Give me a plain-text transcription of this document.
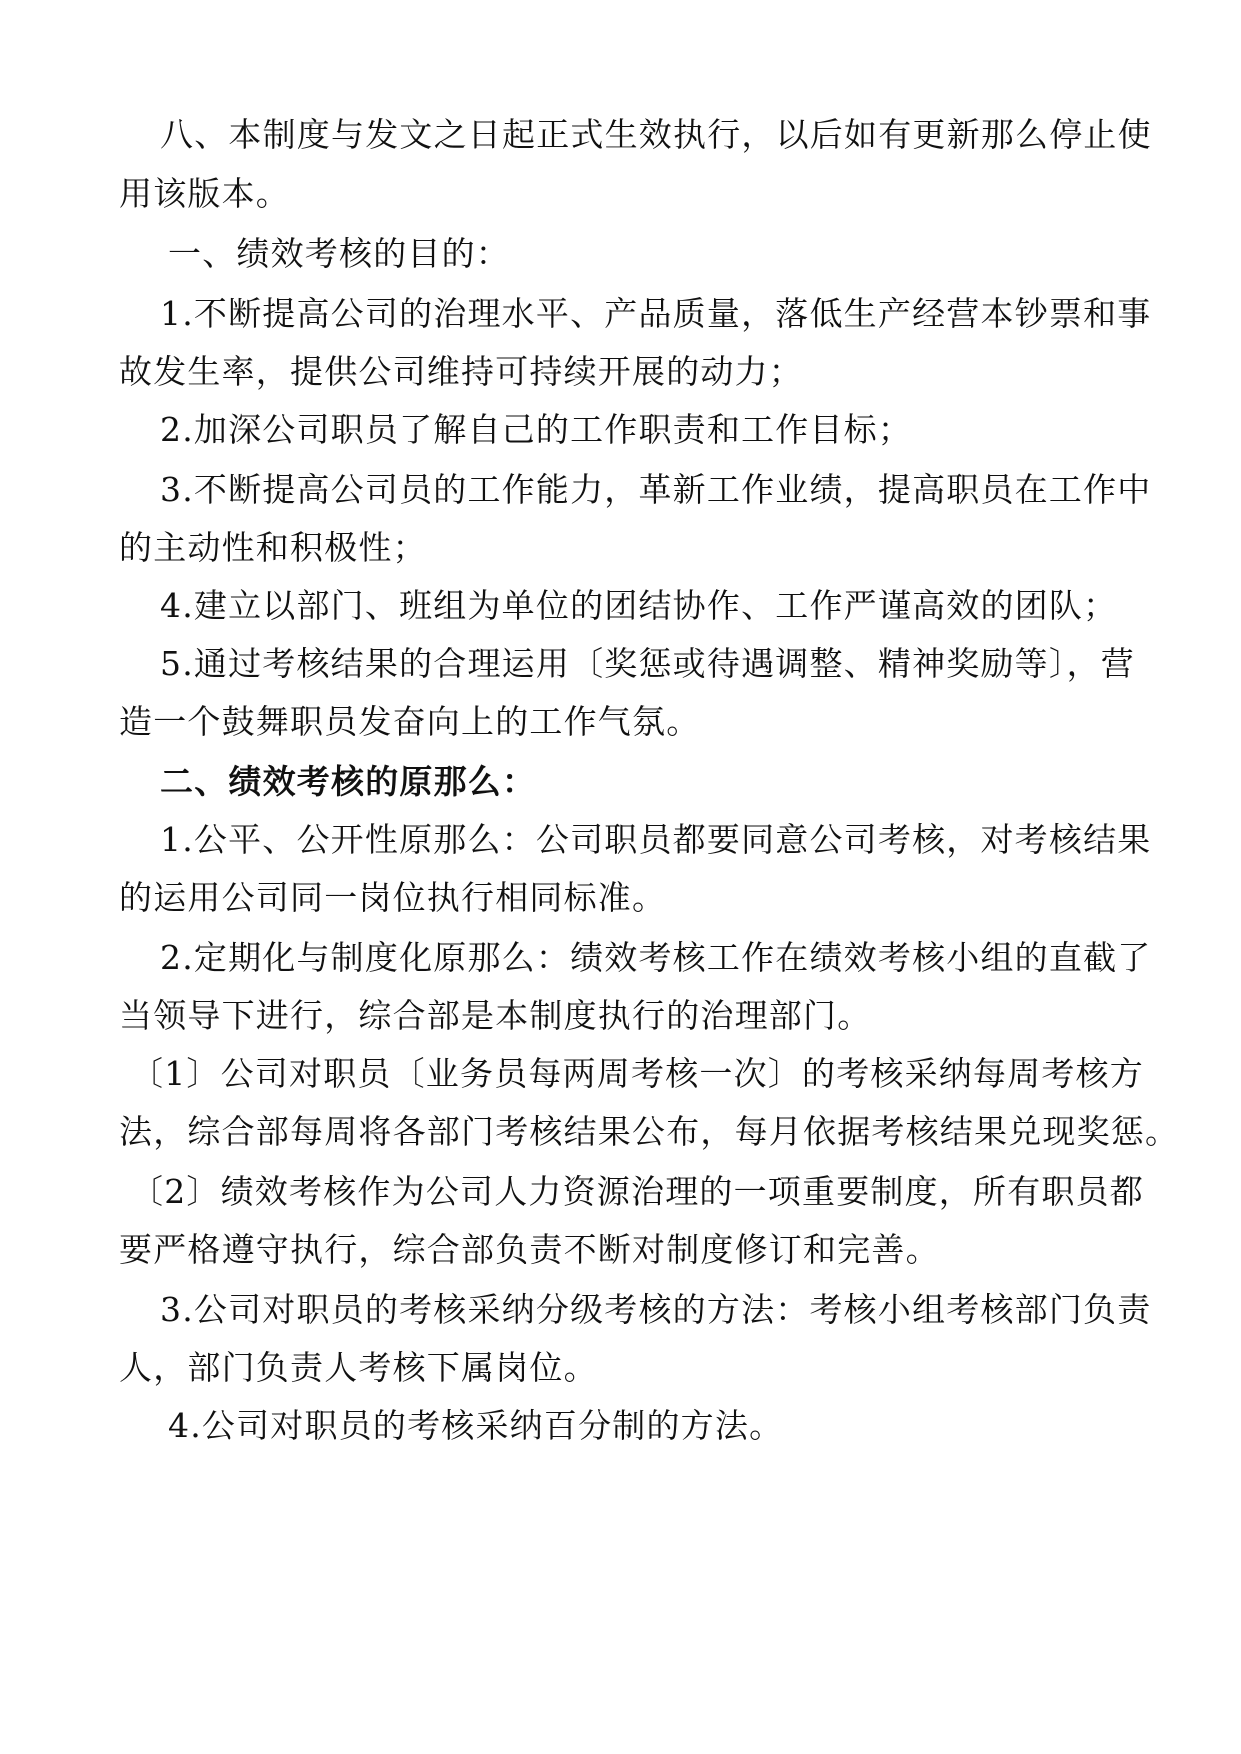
八、本制度与发文之日起正式生效执行，以后如有更新那么停止使
用该版本。
一、绩效考核的目的：
1.不断提高公司的治理水平、产品质量，落低生产经营本钞票和事
故发生率，提供公司维持可持续开展的动力；
2.加深公司职员了解自己的工作职责和工作目标；
3.不断提高公司员的工作能力，革新工作业绩，提高职员在工作中
的主动性和积极性；
4.建立以部门、班组为单位的团结协作、工作严谨高效的团队；
5.通过考核结果的合理运用〔奖惩或待遇调整、精神奖励等〕，营
造一个鼓舞职员发奋向上的工作气氛。
二、绩效考核的原那么：
1.公平、公开性原那么：公司职员都要同意公司考核，对考核结果
的运用公司同一岗位执行相同标准。
2.定期化与制度化原那么：绩效考核工作在绩效考核小组的直截了
当领导下进行，综合部是本制度执行的治理部门。
〔1〕公司对职员〔业务员每两周考核一次〕的考核采纳每周考核方
法，综合部每周将各部门考核结果公布，每月依据考核结果兑现奖惩。
〔2〕绩效考核作为公司人力资源治理的一项重要制度，所有职员都
要严格遵守执行，综合部负责不断对制度修订和完善。
3.公司对职员的考核采纳分级考核的方法：考核小组考核部门负责
人，部门负责人考核下属岗位。
4.公司对职员的考核采纳百分制的方法。
